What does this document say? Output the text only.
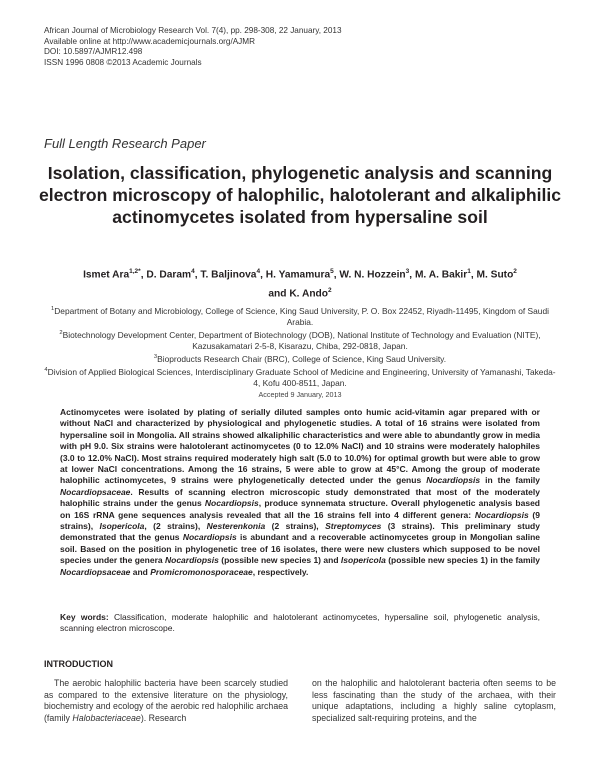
African Journal of Microbiology Research Vol. 7(4), pp. 298-308, 22 January, 2013
Available online at http://www.academicjournals.org/AJMR
DOI: 10.5897/AJMR12.498
ISSN 1996 0808 ©2013 Academic Journals
Full Length Research Paper
Isolation, classification, phylogenetic analysis and scanning electron microscopy of halophilic, halotolerant and alkaliphilic actinomycetes isolated from hypersaline soil
Ismet Ara$^{1,2*}$, D. Daram$^4$, T. Baljinova$^4$, H. Yamamura$^5$, W. N. Hozzein$^3$, M. A. Bakir$^1$, M. Suto$^2$
and K. Ando$^2$
$^1$Department of Botany and Microbiology, College of Science, King Saud University, P. O. Box 22452, Riyadh-11495, Kingdom of Saudi Arabia.
$^2$Biotechnology Development Center, Department of Biotechnology (DOB), National Institute of Technology and Evaluation (NITE), Kazusakamatari 2-5-8, Kisarazu, Chiba, 292-0818, Japan.
$^3$Bioproducts Research Chair (BRC), College of Science, King Saud University.
$^4$Division of Applied Biological Sciences, Interdisciplinary Graduate School of Medicine and Engineering, University of Yamanashi, Takeda-4, Kofu 400-8511, Japan.
Accepted 9 January, 2013
Actinomycetes were isolated by plating of serially diluted samples onto humic acid-vitamin agar prepared with or without NaCl and characterized by physiological and phylogenetic studies. A total of 16 strains were isolated from hypersaline soil in Mongolia. All strains showed alkaliphilic characteristics and were able to abundantly grow in media with pH 9.0. Six strains were halotolerant actinomycetes (0 to 12.0% NaCl) and 10 strains were moderately halophiles (3.0 to 12.0% NaCl). Most strains required moderately high salt (5.0 to 10.0%) for optimal growth but were able to grow at lower NaCl concentrations. Among the 16 strains, 5 were able to grow at 45°C. Among the group of moderate halophilic actinomycetes, 9 strains were phylogenetically detected under the genus Nocardiopsis in the family Nocardiopsaceae. Results of scanning electron microscopic study demonstrated that most of the moderately halophilic strains under the genus Nocardiopsis, produce synnemata structure. Overall phylogenetic analysis based on 16S rRNA gene sequences analysis revealed that all the 16 strains fell into 4 different genera: Nocardiopsis (9 strains), Isopericola, (2 strains), Nesterenkonia (2 strains), Streptomyces (3 strains). This preliminary study demonstrated that the genus Nocardiopsis is abundant and a recoverable actinomycetes group in Mongolian saline soil. Based on the position in phylogenetic tree of 16 isolates, there were new clusters which supposed to be novel species under the genera Nocardiopsis (possible new species 1) and Isopericola (possible new species 1) in the family Nocardiopsaceae and Promicromonosporaceae, respectively.
Key words: Classification, moderate halophilic and halotolerant actinomycetes, hypersaline soil, phylogenetic analysis, scanning electron microscope.
INTRODUCTION
The aerobic halophilic bacteria have been scarcely studied as compared to the extensive literature on the physiology, biochemistry and ecology of the aerobic red halophilic archaea (family Halobacteriaceae). Research
on the halophilic and halotolerant bacteria often seems to be less fascinating than the study of the archaea, with their unique adaptations, including a highly saline cytoplasm, specialized salt-requiring proteins, and the
